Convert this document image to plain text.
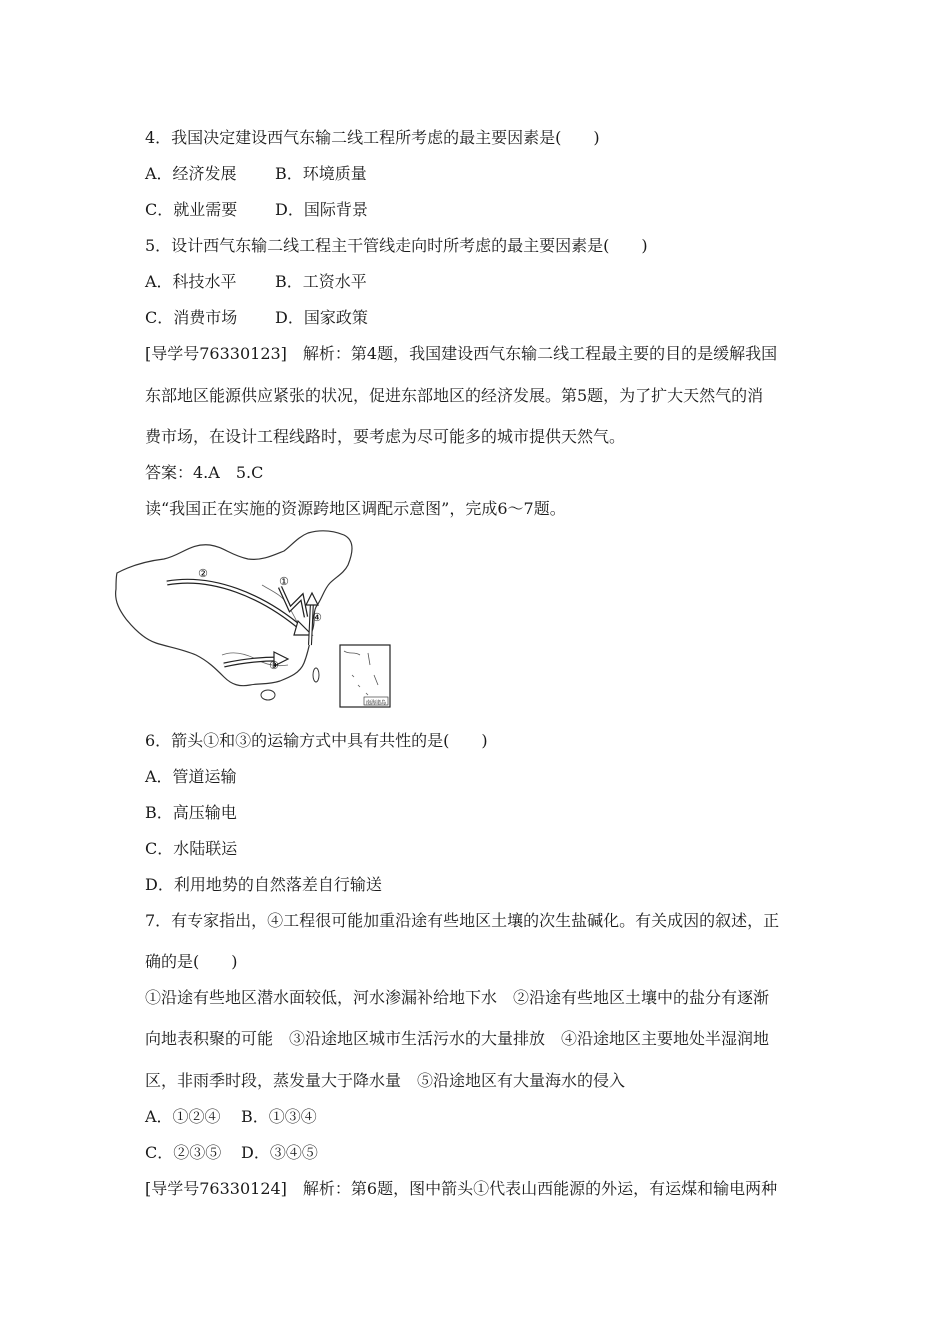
4．我国决定建设西气东输二线工程所考虑的最主要因素是(　　)
A．经济发展 B．环境质量
C．就业需要 D．国际背景
5．设计西气东输二线工程主干管线走向时所考虑的最主要因素是(　　)
A．科技水平 B．工资水平
C．消费市场 D．国家政策
[导学号76330123]　解析：第4题，我国建设西气东输二线工程最主要的目的是缓解我国
东部地区能源供应紧张的状况，促进东部地区的经济发展。第5题，为了扩大天然气的消
费市场，在设计工程线路时，要考虑为尽可能多的城市提供天然气。
答案：4.A　5.C
读“我国正在实施的资源跨地区调配示意图”，完成6～7题。
①
②
③
④
南海诸岛
6．箭头①和③的运输方式中具有共性的是(　　)
A．管道运输
B．高压输电
C．水陆联运
D．利用地势的自然落差自行输送
7．有专家指出，④工程很可能加重沿途有些地区土壤的次生盐碱化。有关成因的叙述，正
确的是(　　)
①沿途有些地区潜水面较低，河水渗漏补给地下水　②沿途有些地区土壤中的盐分有逐渐
向地表积聚的可能　③沿途地区城市生活污水的大量排放　④沿途地区主要地处半湿润地
区，非雨季时段，蒸发量大于降水量　⑤沿途地区有大量海水的侵入
A．①②④ B．①③④
C．②③⑤ D．③④⑤
[导学号76330124]　解析：第6题，图中箭头①代表山西能源的外运，有运煤和输电两种
